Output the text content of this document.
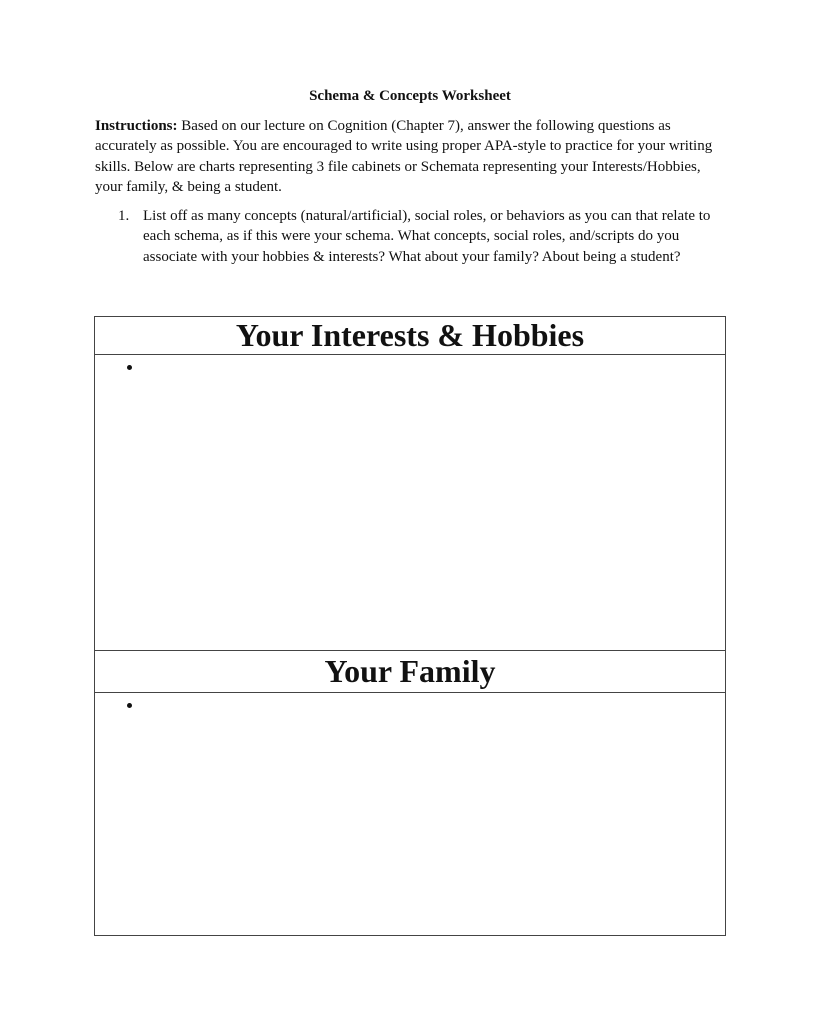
Schema & Concepts Worksheet

Instructions: Based on our lecture on Cognition (Chapter 7), answer the following questions as accurately as possible. You are encouraged to write using proper APA-style to practice for your writing skills. Below are charts representing 3 file cabinets or Schemata representing your Interests/Hobbies, your family, & being a student.

1. List off as many concepts (natural/artificial), social roles, or behaviors as you can that relate to each schema, as if this were your schema. What concepts, social roles, and/scripts do you associate with your hobbies & interests? What about your family? About being a student?
Your Interests & Hobbies
Your Family
